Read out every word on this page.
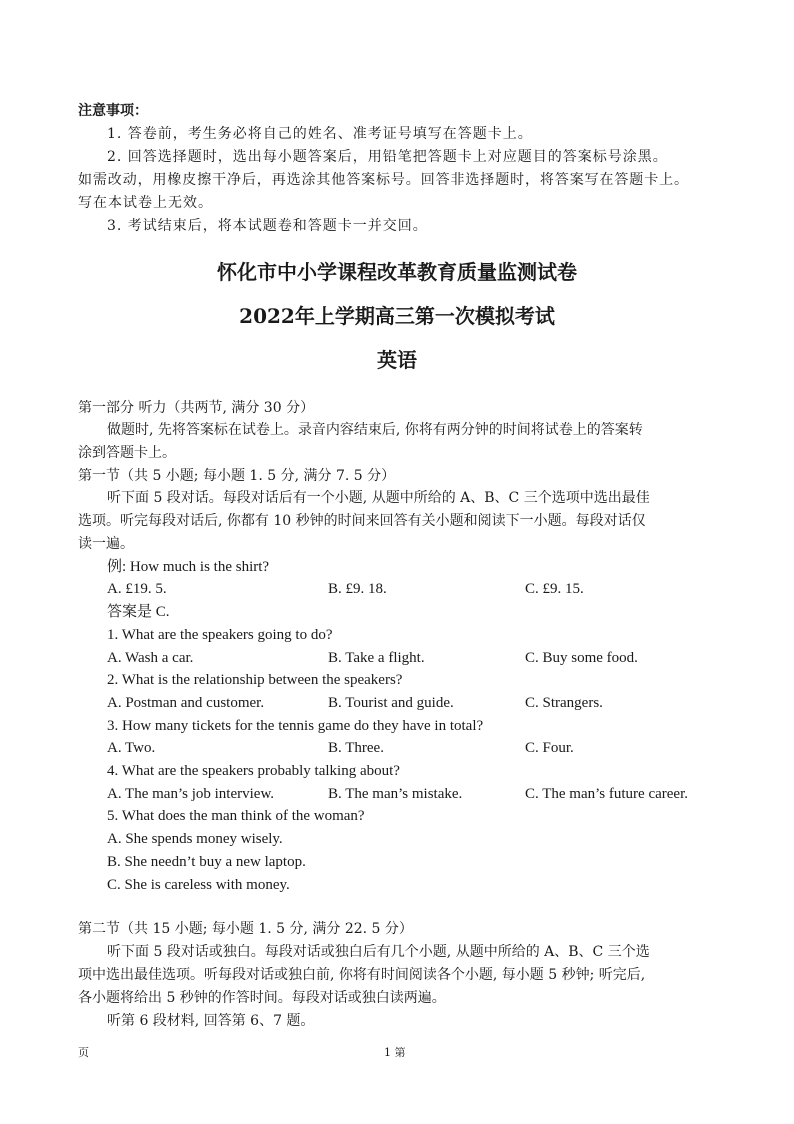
注意事项：
1. 答卷前，考生务必将自己的姓名、准考证号填写在答题卡上。
2. 回答选择题时，选出每小题答案后，用铅笔把答题卡上对应题目的答案标号涂黑。
如需改动，用橡皮擦干净后，再选涂其他答案标号。回答非选择题时，将答案写在答题卡上。
写在本试卷上无效。
3. 考试结束后，将本试题卷和答题卡一并交回。
怀化市中小学课程改革教育质量监测试卷
2022年上学期高三第一次模拟考试
英语
第一部分 听力（共两节, 满分 30 分）
做题时, 先将答案标在试卷上。录音内容结束后, 你将有两分钟的时间将试卷上的答案转
涂到答题卡上。
第一节（共 5 小题; 每小题 1. 5 分, 满分 7. 5 分）
听下面 5 段对话。每段对话后有一个小题, 从题中所给的 A、B、C 三个选项中选出最佳
选项。听完每段对话后, 你都有 10 秒钟的时间来回答有关小题和阅读下一小题。每段对话仅
读一遍。
例: How much is the shirt?
A. £19. 5.	B. £9. 18.	C. £9. 15.
答案是 C.
1. What are the speakers going to do?
A. Wash a car.	B. Take a flight.	C. Buy some food.
2. What is the relationship between the speakers?
A. Postman and customer.	B. Tourist and guide.	C. Strangers.
3. How many tickets for the tennis game do they have in total?
A. Two.	B. Three.	C. Four.
4. What are the speakers probably talking about?
A. The man’s job interview.	B. The man’s mistake.	C. The man’s future career.
5. What does the man think of the woman?
A. She spends money wisely.
B. She needn’t buy a new laptop.
C. She is careless with money.
第二节（共 15 小题; 每小题 1. 5 分, 满分 22. 5 分）
听下面 5 段对话或独白。每段对话或独白后有几个小题, 从题中所给的 A、B、C 三个选
项中选出最佳选项。听每段对话或独白前, 你将有时间阅读各个小题, 每小题 5 秒钟; 听完后,
各小题将给出 5 秒钟的作答时间。每段对话或独白读两遍。
听第 6 段材料, 回答第 6、7 题。
页	1 第
